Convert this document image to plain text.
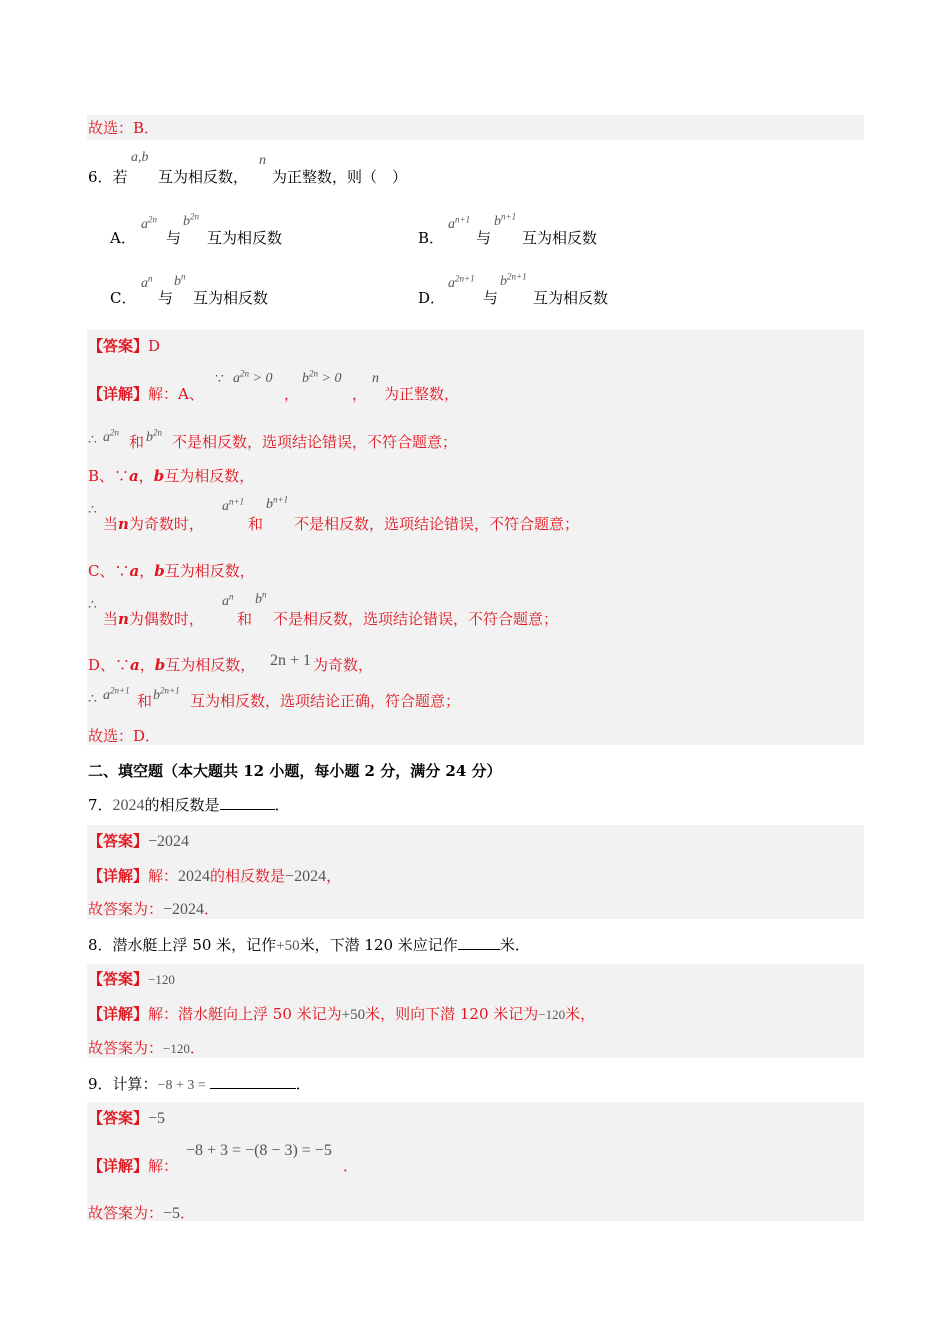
故选：B．
6．若
a,b
互为相反数，
n
为正整数，则（　）
A．
$a^{2n}$
与
$b^{2n}$
互为相反数	B．
$a^{n+1}$
与
$b^{n+1}$
互为相反数
C．
$a^n$
与
$b^n$
互为相反数	D．
$a^{2n+1}$
与
$b^{2n+1}$
互为相反数
【答案】D
【详解】解：A、
∵ $a^{2n} > 0$
，
$b^{2n} > 0$
，
n
为正整数，
∴ $a^{2n}$
和 $b^{2n}$
不是相反数，选项结论错误，不符合题意；
B、∵a，b互为相反数，
∴
当n为奇数时，
$a^{n+1}$
和
$b^{n+1}$
不是相反数，选项结论错误，不符合题意；
C、∵a，b互为相反数，
∴
当n为偶数时，
$a^n$
和
$b^n$
不是相反数，选项结论错误，不符合题意；
D、∵a，b互为相反数， 2n + 1 为奇数，
∴ $a^{2n+1}$
和 $b^{2n+1}$
互为相反数，选项结论正确，符合题意；
故选：D．
二、填空题（本大题共 12 小题，每小题 2 分，满分 24 分）
7．2024的相反数是	．
【答案】−2024
【详解】解：2024的相反数是−2024，
故答案为：−2024．
8．潜水艇上浮 50 米，记作+50米，下潜 120 米应记作	米．
【答案】−120
【详解】解：潜水艇向上浮 50 米记为+50米，则向下潜 120 米记为−120米，
故答案为：−120．
9．计算：−8 + 3 =	．
【答案】−5
【详解】解：
−8 + 3 = −(8 − 3) = −5
．
故答案为：−5．
